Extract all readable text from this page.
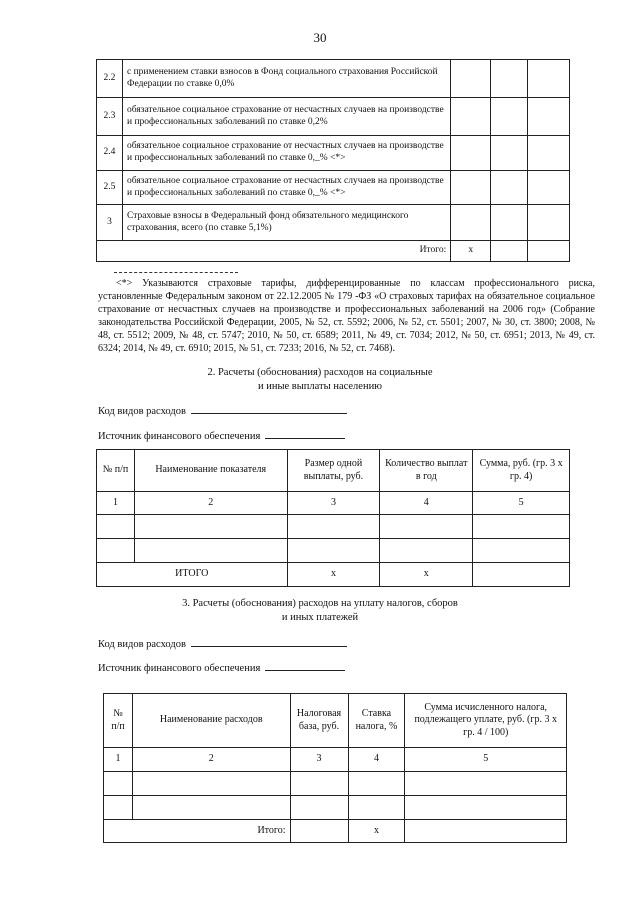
30
2.2	с применением ставки взносов в Фонд социального страхования Российской Федерации по ставке 0,0%			
2.3	обязательное социальное страхование от несчастных случаев на производстве и профессиональных заболеваний по ставке 0,2%			
2.4	обязательное социальное страхование от несчастных случаев на производстве и профессиональных заболеваний по ставке 0,_% <*>			
2.5	обязательное социальное страхование от несчастных случаев на производстве и профессиональных заболеваний по ставке 0,_% <*>			
3	Страховые взносы в Федеральный фонд обязательного медицинского страхования, всего (по ставке 5,1%)			
Итого:		x		

<*> Указываются страховые тарифы, дифференцированные по классам профессионального риска, установленные Федеральным законом от 22.12.2005 № 179 -ФЗ «О страховых тарифах на обязательное социальное страхование от несчастных случаев на производстве и профессиональных заболеваний на 2006 год» (Собрание законодательства Российской Федерации, 2005, № 52, ст. 5592; 2006, № 52, ст. 5501; 2007, № 30, ст. 3800; 2008, № 48, ст. 5512; 2009, № 48, ст. 5747; 2010, № 50, ст. 6589; 2011, № 49, ст. 7034; 2012, № 50, ст. 6951; 2013, № 49, ст. 6324; 2014, № 49, ст. 6910; 2015, № 51, ст. 7233; 2016, № 52, ст. 7468).

2. Расчеты (обоснования) расходов на социальные
и иные выплаты населению
Код видов расходов
Источник финансового обеспечения
№ п/п	Наименование показателя	Размер одной выплаты, руб.	Количество выплат в год	Сумма, руб. (гр. 3 х гр. 4)
1	2	3	4	5

ИТОГО		x	x	
3. Расчеты (обоснования) расходов на уплату налогов, сборов
и иных платежей
Код видов расходов
Источник финансового обеспечения
№ п/п	Наименование расходов	Налоговая база, руб.	Ставка налога, %	Сумма исчисленного налога, подлежащего уплате, руб. (гр. 3 х гр. 4 / 100)
1	2	3	4	5

Итого:			x	
